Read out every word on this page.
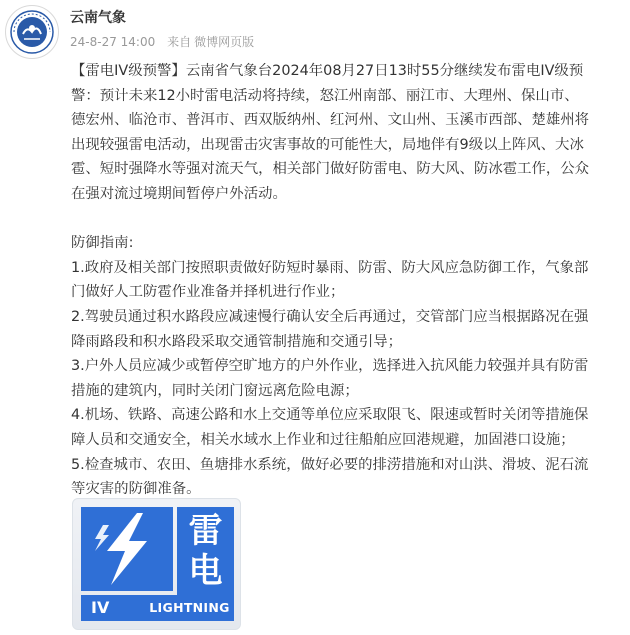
云南气象
24-8-27 14:00 来自 微博网页版
【雷电IV级预警】云南省气象台2024年08月27日13时55分继续发布雷电IV级预
警：预计未来12小时雷电活动将持续，怒江州南部、丽江市、大理州、保山市、
德宏州、临沧市、普洱市、西双版纳州、红河州、文山州、玉溪市西部、楚雄州将
出现较强雷电活动，出现雷击灾害事故的可能性大，局地伴有9级以上阵风、大冰
雹、短时强降水等强对流天气，相关部门做好防雷电、防大风、防冰雹工作，公众
在强对流过境期间暂停户外活动。

防御指南:
1.政府及相关部门按照职责做好防短时暴雨、防雷、防大风应急防御工作，气象部
门做好人工防雹作业准备并择机进行作业；
2.驾驶员通过积水路段应减速慢行确认安全后再通过，交管部门应当根据路况在强
降雨路段和积水路段采取交通管制措施和交通引导；
3.户外人员应减少或暂停空旷地方的户外作业，选择进入抗风能力较强并具有防雷
措施的建筑内，同时关闭门窗远离危险电源；
4.机场、铁路、高速公路和水上交通等单位应采取限飞、限速或暂时关闭等措施保
障人员和交通安全，相关水域水上作业和过往船舶应回港规避，加固港口设施；
5.检查城市、农田、鱼塘排水系统，做好必要的排涝措施和对山洪、滑坡、泥石流
等灾害的防御准备。
雷
电
IV	LIGHTNING
